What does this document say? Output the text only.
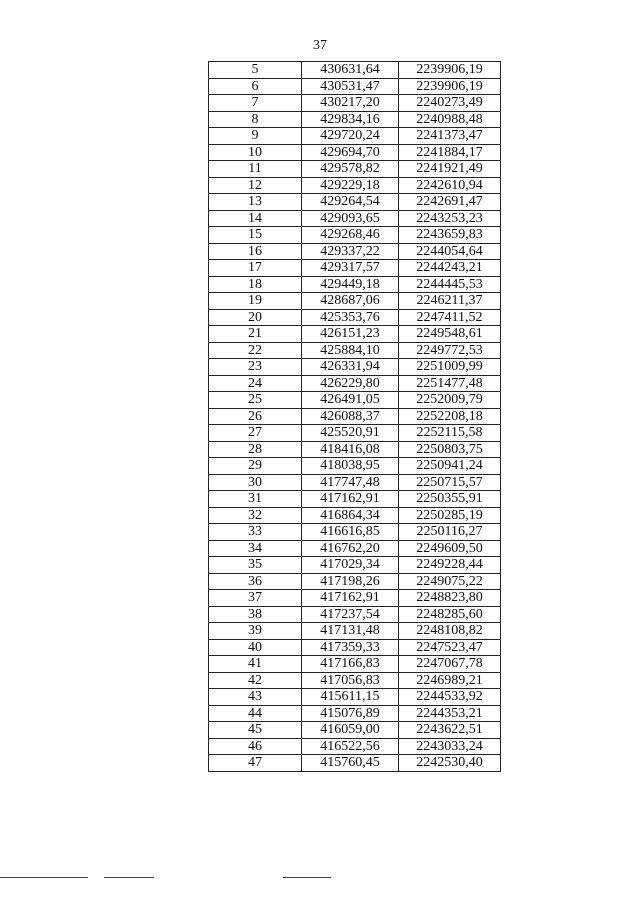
37
5	430631,64	2239906,19
6	430531,47	2239906,19
7	430217,20	2240273,49
8	429834,16	2240988,48
9	429720,24	2241373,47
10	429694,70	2241884,17
11	429578,82	2241921,49
12	429229,18	2242610,94
13	429264,54	2242691,47
14	429093,65	2243253,23
15	429268,46	2243659,83
16	429337,22	2244054,64
17	429317,57	2244243,21
18	429449,18	2244445,53
19	428687,06	2246211,37
20	425353,76	2247411,52
21	426151,23	2249548,61
22	425884,10	2249772,53
23	426331,94	2251009,99
24	426229,80	2251477,48
25	426491,05	2252009,79
26	426088,37	2252208,18
27	425520,91	2252115,58
28	418416,08	2250803,75
29	418038,95	2250941,24
30	417747,48	2250715,57
31	417162,91	2250355,91
32	416864,34	2250285,19
33	416616,85	2250116,27
34	416762,20	2249609,50
35	417029,34	2249228,44
36	417198,26	2249075,22
37	417162,91	2248823,80
38	417237,54	2248285,60
39	417131,48	2248108,82
40	417359,33	2247523,47
41	417166,83	2247067,78
42	417056,83	2246989,21
43	415611,15	2244533,92
44	415076,89	2244353,21
45	416059,00	2243622,51
46	416522,56	2243033,24
47	415760,45	2242530,40
